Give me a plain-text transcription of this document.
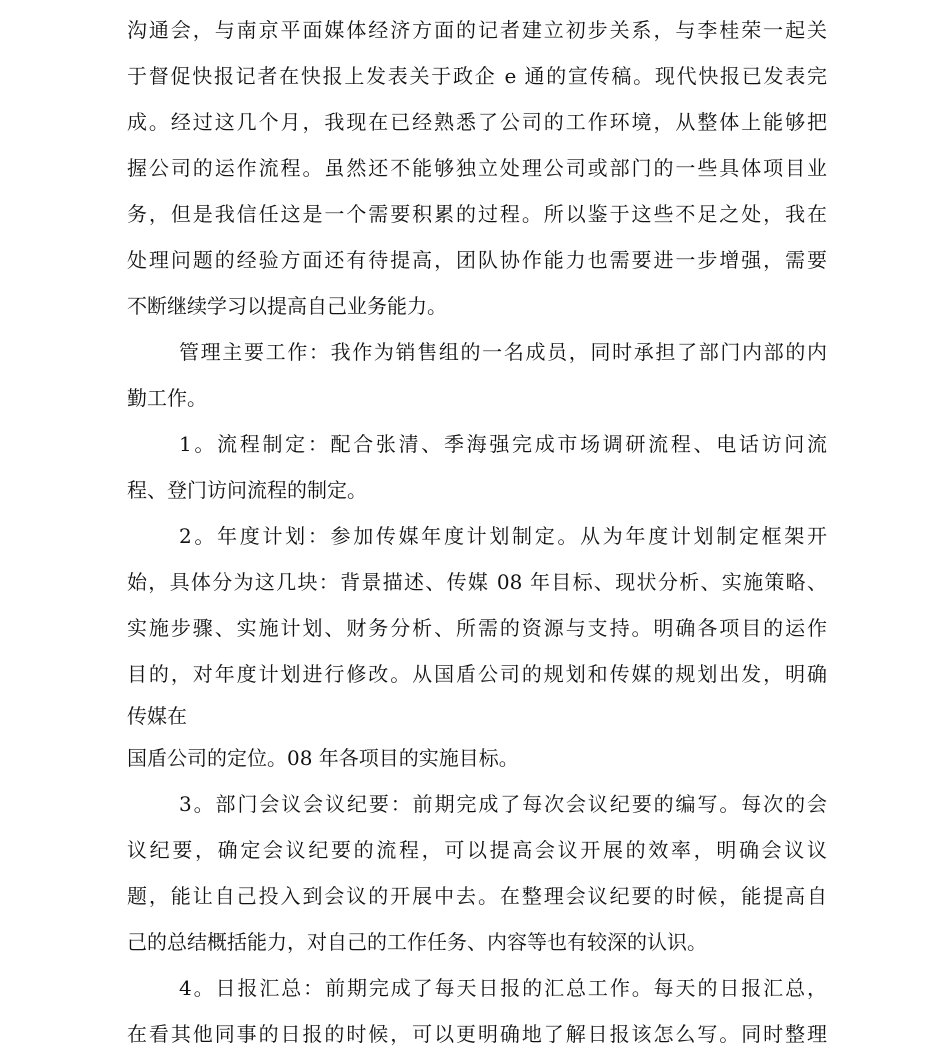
沟通会，与南京平面媒体经济方面的记者建立初步关系，与李桂荣一起关
于督促快报记者在快报上发表关于政企 e 通的宣传稿。现代快报已发表完
成。经过这几个月，我现在已经熟悉了公司的工作环境，从整体上能够把
握公司的运作流程。虽然还不能够独立处理公司或部门的一些具体项目业
务，但是我信任这是一个需要积累的过程。所以鉴于这些不足之处，我在
处理问题的经验方面还有待提高，团队协作能力也需要进一步增强，需要
不断继续学习以提高自己业务能力。
管理主要工作：我作为销售组的一名成员，同时承担了部门内部的内
勤工作。
1。流程制定：配合张清、季海强完成市场调研流程、电话访问流
程、登门访问流程的制定。
2。年度计划：参加传媒年度计划制定。从为年度计划制定框架开
始，具体分为这几块：背景描述、传媒 08 年目标、现状分析、实施策略、
实施步骤、实施计划、财务分析、所需的资源与支持。明确各项目的运作
目的，对年度计划进行修改。从国盾公司的规划和传媒的规划出发，明确
传媒在
国盾公司的定位。08 年各项目的实施目标。
3。部门会议会议纪要：前期完成了每次会议纪要的编写。每次的会
议纪要，确定会议纪要的流程，可以提高会议开展的效率，明确会议议
题，能让自己投入到会议的开展中去。在整理会议纪要的时候，能提高自
己的总结概括能力，对自己的工作任务、内容等也有较深的认识。
4。日报汇总：前期完成了每天日报的汇总工作。每天的日报汇总，
在看其他同事的日报的时候，可以更明确地了解日报该怎么写。同时整理
